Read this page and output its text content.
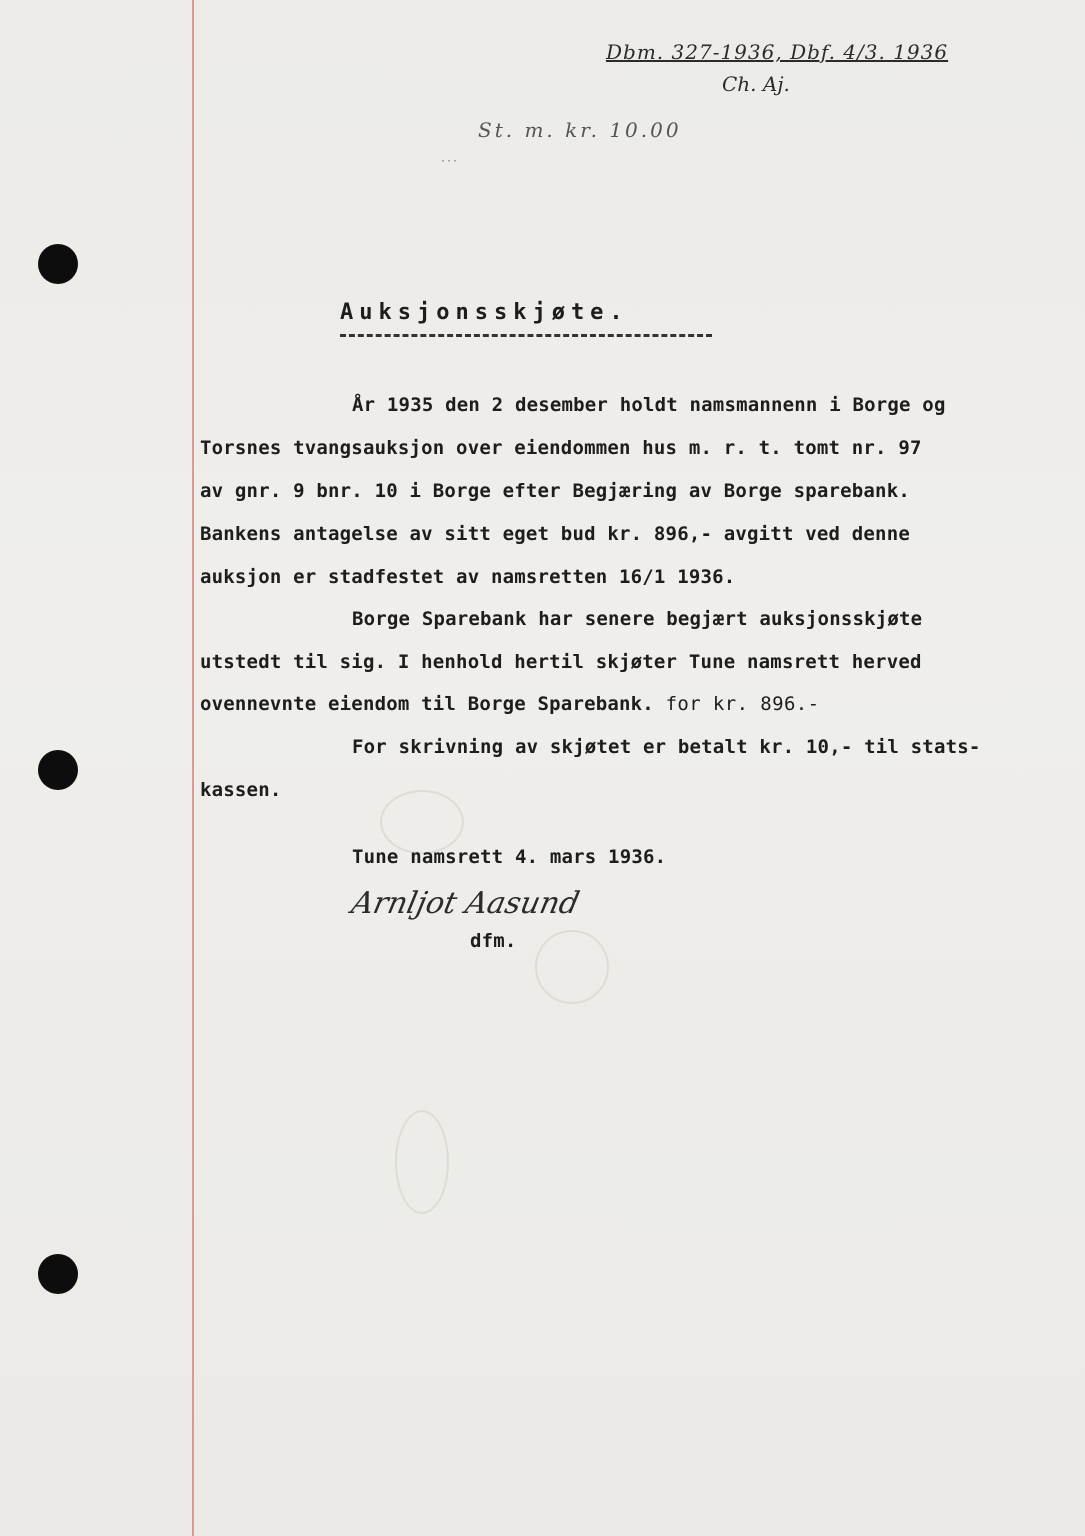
Dbm. 327-1936, Dbf. 4/3. 1936
Ch. Aj.
St. m. kr. 10.00
···
Auksjonsskjøte.
År 1935 den 2 desember holdt namsmannenn i Borge og
Torsnes tvangsauksjon over eiendommen hus m. r. t. tomt nr. 97
av gnr. 9 bnr. 10 i Borge efter Begjæring av Borge sparebank.
Bankens antagelse av sitt eget bud kr. 896,- avgitt ved denne
auksjon er stadfestet av namsretten 16/1 1936.
Borge Sparebank har senere begjært auksjonsskjøte
utstedt til sig. I henhold hertil skjøter Tune namsrett herved
ovennevnte eiendom til Borge Sparebank. for kr. 896.-
For skrivning av skjøtet er betalt kr. 10,- til stats-
kassen.
Tune namsrett 4. mars 1936.
Arnljot Aasund
dfm.
